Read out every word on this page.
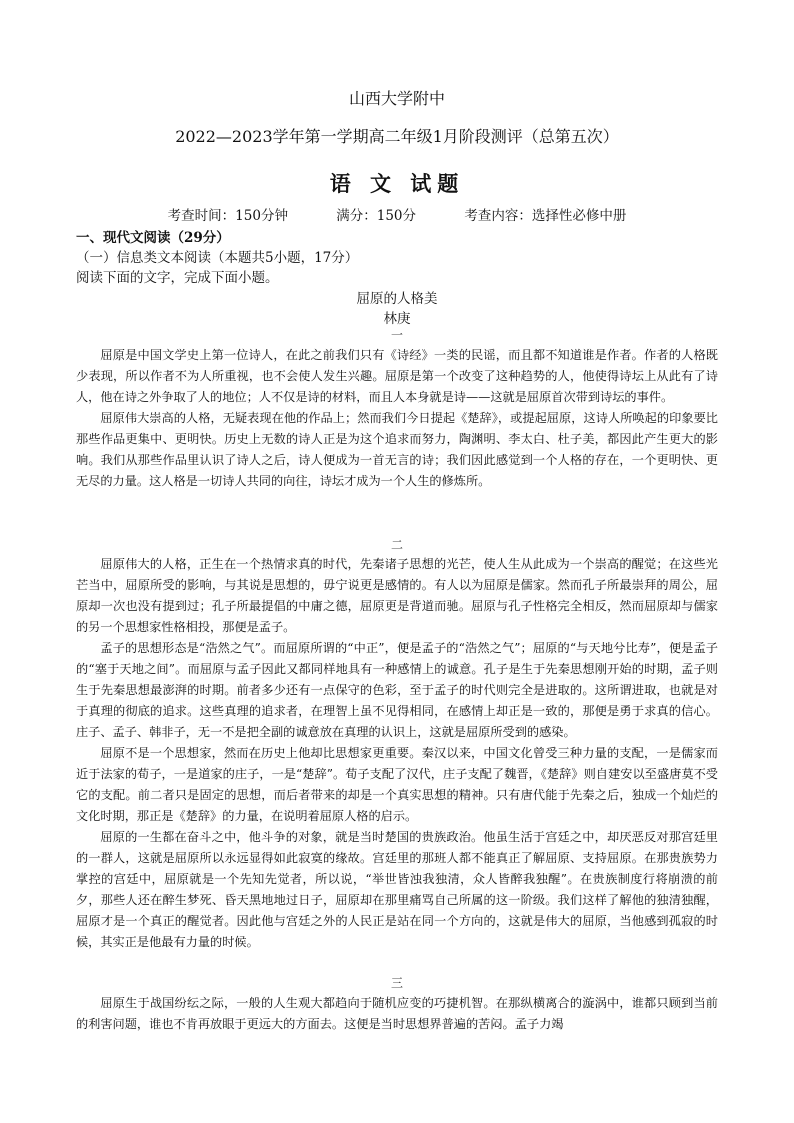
山西大学附中
2022—2023学年第一学期高二年级1月阶段测评（总第五次）
语 文 试题
考查时间：150分钟	满分：150分	考查内容：选择性必修中册
一、现代文阅读（29分）
（一）信息类文本阅读（本题共5小题，17分）
阅读下面的文字，完成下面小题。
屈原的人格美
林庚
一

屈原是中国文学史上第一位诗人，在此之前我们只有《诗经》一类的民谣，而且都不知道谁是作者。作者的人格既少表现，所以作者不为人所重视，也不会使人发生兴趣。屈原是第一个改变了这种趋势的人，他使得诗坛上从此有了诗人，他在诗之外争取了人的地位；人不仅是诗的材料，而且人本身就是诗——这就是屈原首次带到诗坛的事件。

屈原伟大崇高的人格，无疑表现在他的作品上；然而我们今日提起《楚辞》，或提起屈原，这诗人所唤起的印象要比那些作品更集中、更明快。历史上无数的诗人正是为这个追求而努力，陶渊明、李太白、杜子美，都因此产生更大的影响。我们从那些作品里认识了诗人之后，诗人便成为一首无言的诗；我们因此感觉到一个人格的存在，一个更明快、更无尽的力量。这人格是一切诗人共同的向往，诗坛才成为一个人生的修炼所。

二

屈原伟大的人格，正生在一个热情求真的时代，先秦诸子思想的光芒，使人生从此成为一个崇高的醒觉；在这些光芒当中，屈原所受的影响，与其说是思想的，毋宁说更是感情的。有人以为屈原是儒家。然而孔子所最崇拜的周公，屈原却一次也没有提到过；孔子所最提倡的中庸之德，屈原更是背道而驰。屈原与孔子性格完全相反，然而屈原却与儒家的另一个思想家性格相投，那便是孟子。

孟子的思想形态是“浩然之气”。而屈原所谓的“中正”，便是孟子的“浩然之气”；屈原的“与天地兮比寿”，便是孟子的“塞于天地之间”。而屈原与孟子因此又都同样地具有一种感情上的诚意。孔子是生于先秦思想刚开始的时期，孟子则生于先秦思想最澎湃的时期。前者多少还有一点保守的色彩，至于孟子的时代则完全是进取的。这所谓进取，也就是对于真理的彻底的追求。这些真理的追求者，在理智上虽不见得相同，在感情上却正是一致的，那便是勇于求真的信心。庄子、孟子、韩非子，无一不是把全副的诚意放在真理的认识上，这就是屈原所受到的感染。

屈原不是一个思想家，然而在历史上他却比思想家更重要。秦汉以来，中国文化曾受三种力量的支配，一是儒家而近于法家的荀子，一是道家的庄子，一是“楚辞”。荀子支配了汉代，庄子支配了魏晋，《楚辞》则自建安以至盛唐莫不受它的支配。前二者只是固定的思想，而后者带来的却是一个真实思想的精神。只有唐代能于先秦之后，独成一个灿烂的文化时期，那正是《楚辞》的力量，在说明着屈原人格的启示。

屈原的一生都在奋斗之中，他斗争的对象，就是当时楚国的贵族政治。他虽生活于宫廷之中，却厌恶反对那宫廷里的一群人，这就是屈原所以永远显得如此寂寞的缘故。宫廷里的那班人都不能真正了解屈原、支持屈原。在那贵族势力掌控的宫廷中，屈原就是一个先知先觉者，所以说，“举世皆浊我独清，众人皆醉我独醒”。在贵族制度行将崩溃的前夕，那些人还在醉生梦死、昏天黑地地过日子，屈原却在那里痛骂自己所属的这一阶级。我们这样了解他的独清独醒，屈原才是一个真正的醒觉者。因此他与宫廷之外的人民正是站在同一个方向的，这就是伟大的屈原，当他感到孤寂的时候，其实正是他最有力量的时候。

三

屈原生于战国纷纭之际，一般的人生观大都趋向于随机应变的巧捷机智。在那纵横离合的漩涡中，谁都只顾到当前的利害问题，谁也不肯再放眼于更远大的方面去。这便是当时思想界普遍的苦闷。孟子力竭
